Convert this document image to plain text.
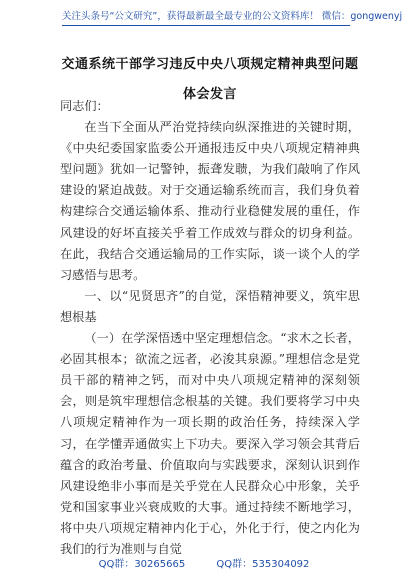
关注头条号“公文研究”，获得最新最全最专业的公文资料库！ 微信：gongwenyj
交通系统干部学习违反中央八项规定精神典型问题体会发言

同志们：

在当下全面从严治党持续向纵深推进的关键时期，《中央纪委国家监委公开通报违反中央八项规定精神典型问题》犹如一记警钟，振聋发聩，为我们敲响了作风建设的紧迫战鼓。对于交通运输系统而言，我们身负着构建综合交通运输体系、推动行业稳健发展的重任，作风建设的好坏直接关乎着工作成效与群众的切身利益。在此，我结合交通运输局的工作实际，谈一谈个人的学习感悟与思考。

一、以“见贤思齐”的自觉，深悟精神要义，筑牢思想根基

（一）在学深悟透中坚定理想信念。“求木之长者，必固其根本；欲流之远者，必浚其泉源。”理想信念是党员干部的精神之钙，而对中央八项规定精神的深刻领会，则是筑牢理想信念根基的关键。我们要将学习中央八项规定精神作为一项长期的政治任务，持续深入学习，在学懂弄通做实上下功夫。要深入学习领会其背后蕴含的政治考量、价值取向与实践要求，深刻认识到作风建设绝非小事而是关乎党在人民群众心中形象，关乎党和国家事业兴衰成败的大事。通过持续不断地学习，将中央八项规定精神内化于心，外化于行，使之内化为我们的行为准则与自觉

QQ群：30265665	QQ群：535304092
